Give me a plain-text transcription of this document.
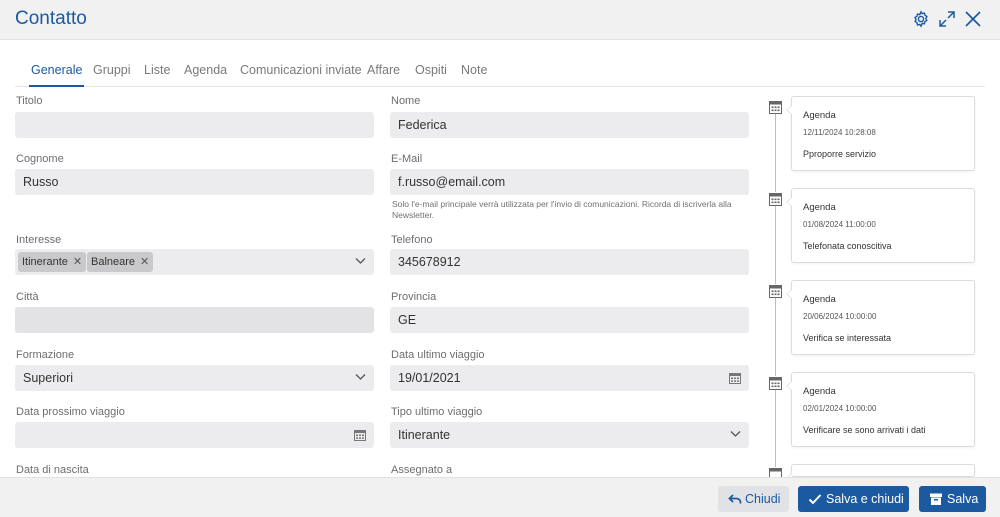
Contatto
Generale Gruppi Liste Agenda Comunicazioni inviate Affare Ospiti Note
Titolo
Cognome
Russo
Interesse
Itinerante ✕ Balneare ✕
Città
Formazione
Superiori
Data prossimo viaggio
Data di nascita
Nome
Federica
E-Mail
f.russo@email.com
Solo l'e-mail principale verrà utilizzata per l'invio di comunicazioni. Ricorda di iscriverla alla Newsletter.
Telefono
345678912
Provincia
GE
Data ultimo viaggio
19/01/2021
Tipo ultimo viaggio
Itinerante
Assegnato a
Agenda
12/11/2024 10:28:08
Pproporre servizio
Agenda
01/08/2024 11:00:00
Telefonata conoscitiva
Agenda
20/06/2024 10:00:00
Verifica se interessata
Agenda
02/01/2024 10:00:00
Verificare se sono arrivati i dati
Chiudi	Salva e chiudi	Salva
